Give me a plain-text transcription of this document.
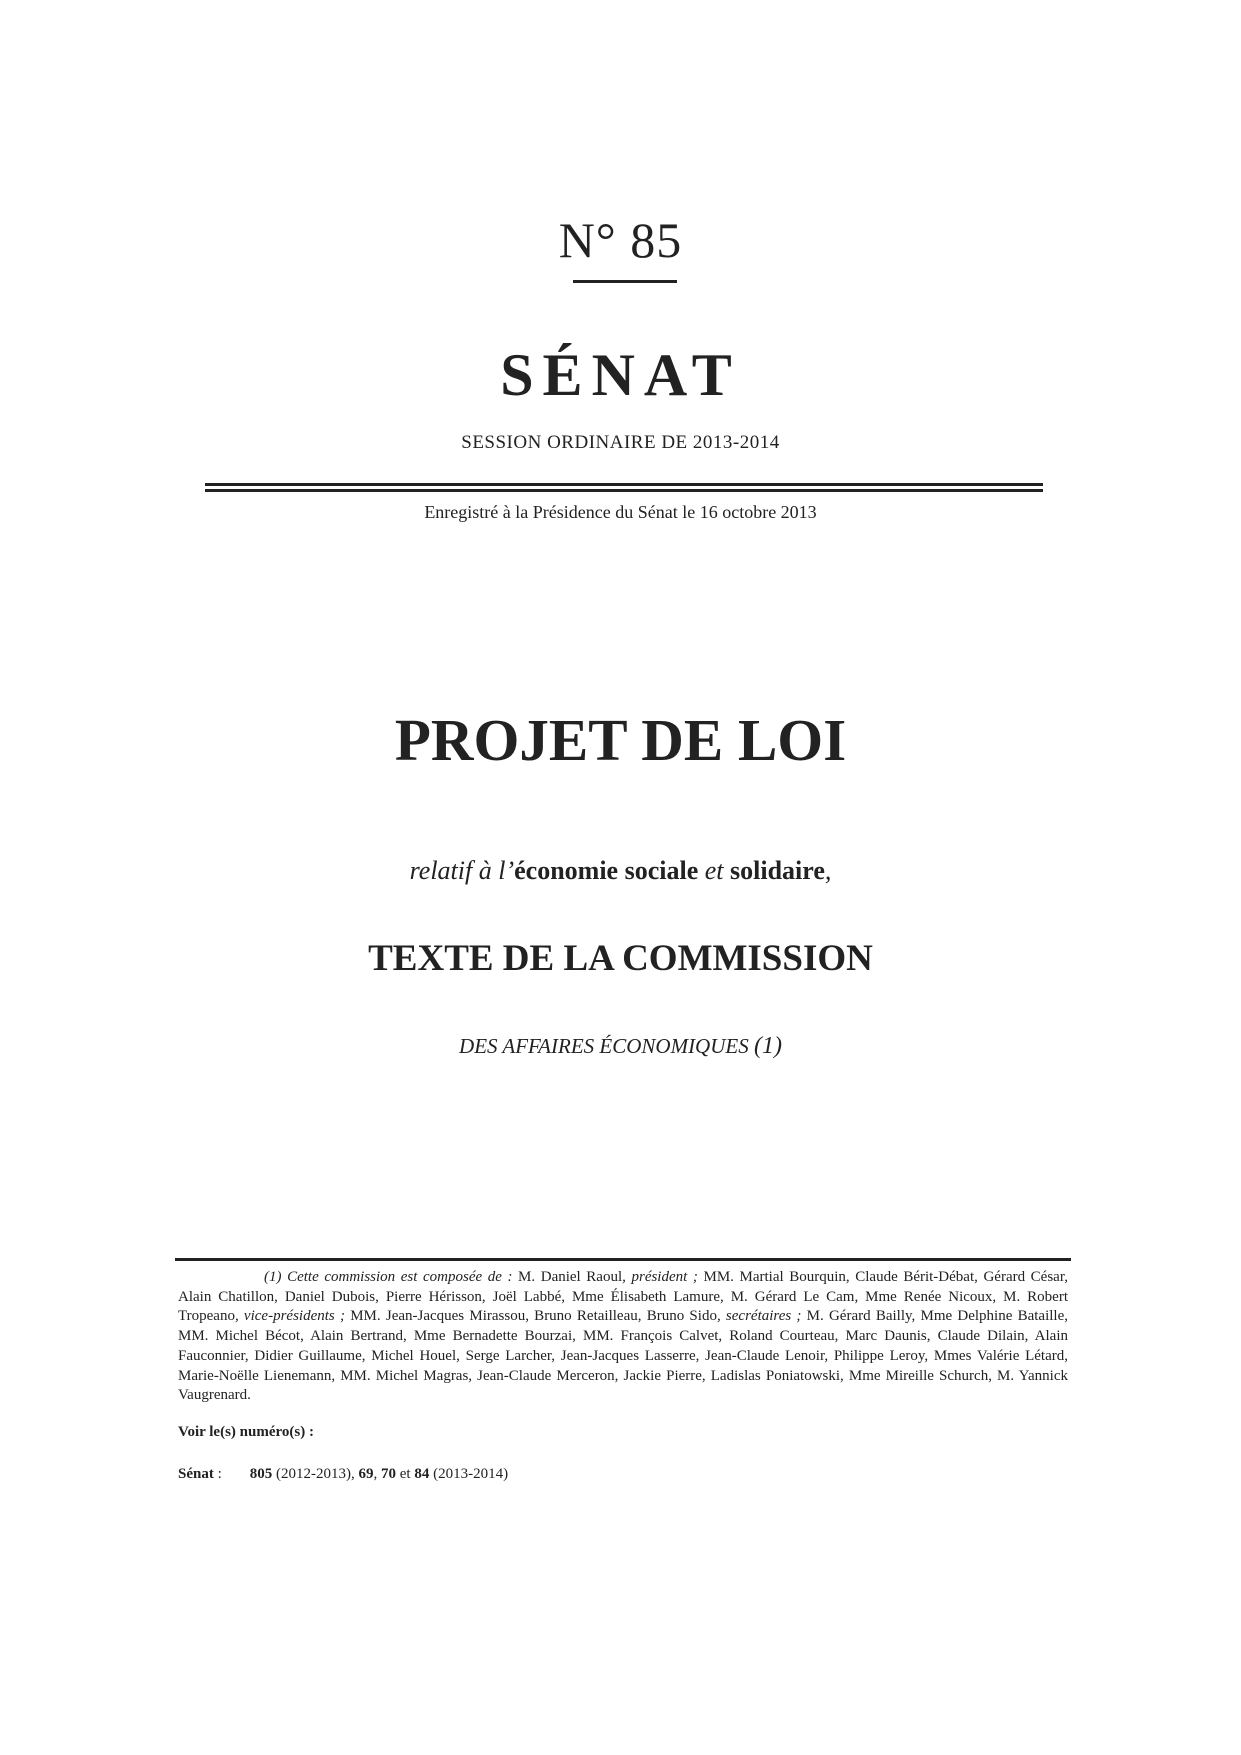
N° 85
SÉNAT
SESSION ORDINAIRE DE 2013-2014
Enregistré à la Présidence du Sénat le 16 octobre 2013
PROJET DE LOI
relatif à l’économie sociale et solidaire,
TEXTE DE LA COMMISSION
DES AFFAIRES ÉCONOMIQUES (1)
(1) Cette commission est composée de : M. Daniel Raoul, président ; MM. Martial Bourquin, Claude Bérit-Débat, Gérard César, Alain Chatillon, Daniel Dubois, Pierre Hérisson, Joël Labbé, Mme Élisabeth Lamure, M. Gérard Le Cam, Mme Renée Nicoux, M. Robert Tropeano, vice-présidents ; MM. Jean-Jacques Mirassou, Bruno Retailleau, Bruno Sido, secrétaires ; M. Gérard Bailly, Mme Delphine Bataille, MM. Michel Bécot, Alain Bertrand, Mme Bernadette Bourzai, MM. François Calvet, Roland Courteau, Marc Daunis, Claude Dilain, Alain Fauconnier, Didier Guillaume, Michel Houel, Serge Larcher, Jean-Jacques Lasserre, Jean-Claude Lenoir, Philippe Leroy, Mmes Valérie Létard, Marie-Noëlle Lienemann, MM. Michel Magras, Jean-Claude Merceron, Jackie Pierre, Ladislas Poniatowski, Mme Mireille Schurch, M. Yannick Vaugrenard.
Voir le(s) numéro(s) :
Sénat : 805 (2012-2013), 69, 70 et 84 (2013-2014)
